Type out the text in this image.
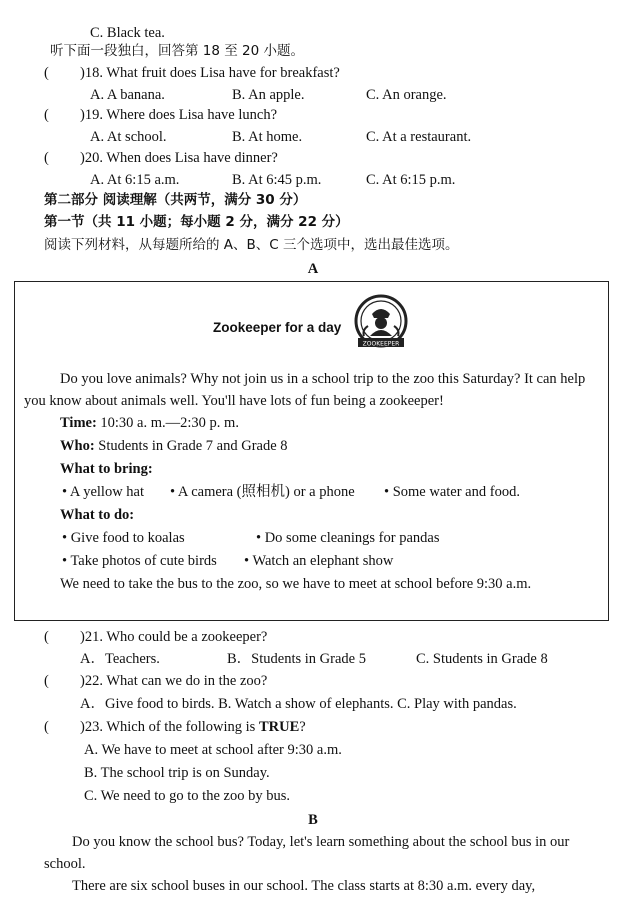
C. Black tea.
听下面一段独白，回答第 18 至 20 小题。
( )18. What fruit does Lisa have for breakfast?
A. A banana.	B. An apple.	C. An orange.
( )19. Where does Lisa have lunch?
A. At school.	B. At home.	C. At a restaurant.
( )20. When does Lisa have dinner?
A. At 6:15 a.m.	B. At 6:45 p.m.	C. At 6:15 p.m.
第二部分 阅读理解（共两节，满分 30 分）
第一节（共 11 小题；每小题 2 分，满分 22 分）
阅读下列材料，从每题所给的 A、B、C 三个选项中，选出最佳选项。
A
Zookeeper for a day
ZOOKEEPER
Do you love animals? Why not join us in a school trip to the zoo this Saturday? It can help you know about animals well. You'll have lots of fun being a zookeeper!
Time: 10:30 a. m.—2:30 p. m.
Who: Students in Grade 7 and Grade 8
What to bring:
• A yellow hat • A camera (照相机) or a phone • Some water and food.
What to do:
• Give food to koalas	• Do some cleanings for pandas
• Take photos of cute birds • Watch an elephant show
We need to take the bus to the zoo, so we have to meet at school before 9:30 a.m.
( )21. Who could be a zookeeper?
A．Teachers.	B．Students in Grade 5	C. Students in Grade 8
( )22. What can we do in the zoo?
A．Give food to birds. B. Watch a show of elephants. C. Play with pandas.
( )23. Which of the following is TRUE?
A. We have to meet at school after 9:30 a.m.
B. The school trip is on Sunday.
C. We need to go to the zoo by bus.
B
Do you know the school bus? Today, let's learn something about the school bus in our school.
There are six school buses in our school. The class starts at 8:30 a.m. every day,
